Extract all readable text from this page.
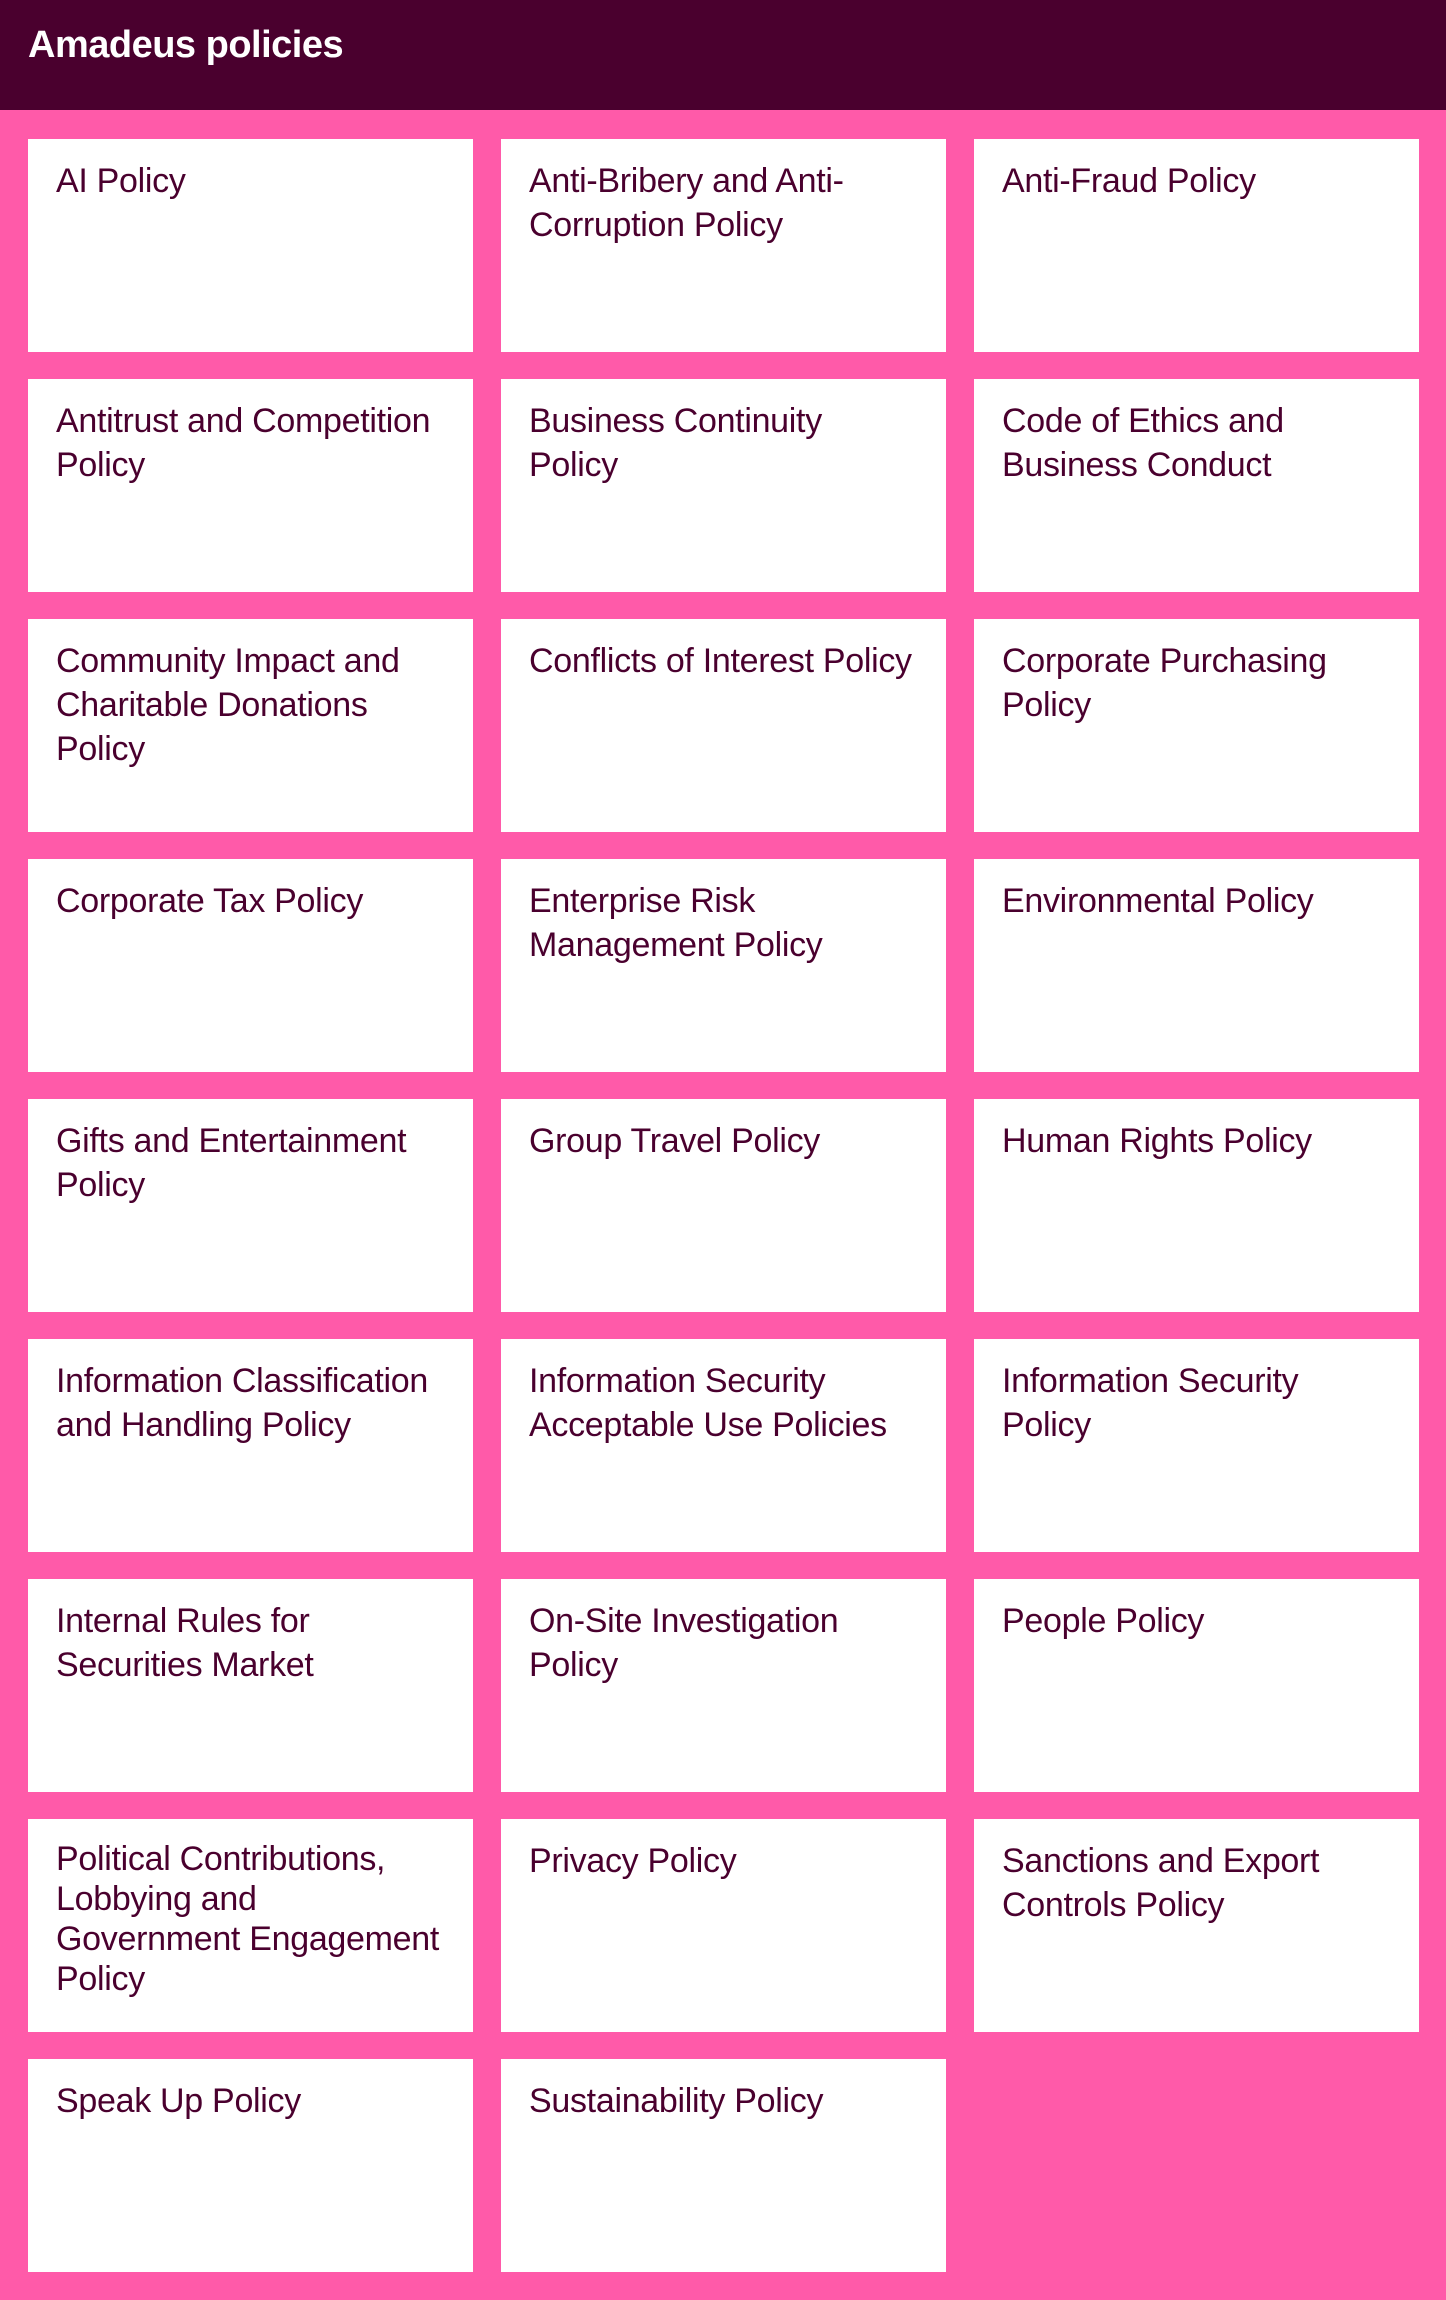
Amadeus policies
AI Policy	Anti-Bribery and Anti-Corruption Policy
Anti-Fraud Policy
Antitrust and Competition Policy
Business Continuity Policy
Code of Ethics and Business Conduct
Community Impact and Charitable Donations Policy
Conflicts of Interest Policy	Corporate Purchasing Policy
Corporate Tax Policy	Enterprise Risk Management Policy
Environmental Policy
Gifts and Entertainment Policy
Group Travel Policy	Human Rights Policy
Information Classification and Handling Policy
Information Security Acceptable Use Policies
Information Security Policy
Internal Rules for Securities Market
On-Site Investigation Policy
People Policy
Political Contributions, Lobbying and Government Engagement Policy
Privacy Policy	Sanctions and Export Controls Policy
Speak Up Policy	Sustainability Policy
